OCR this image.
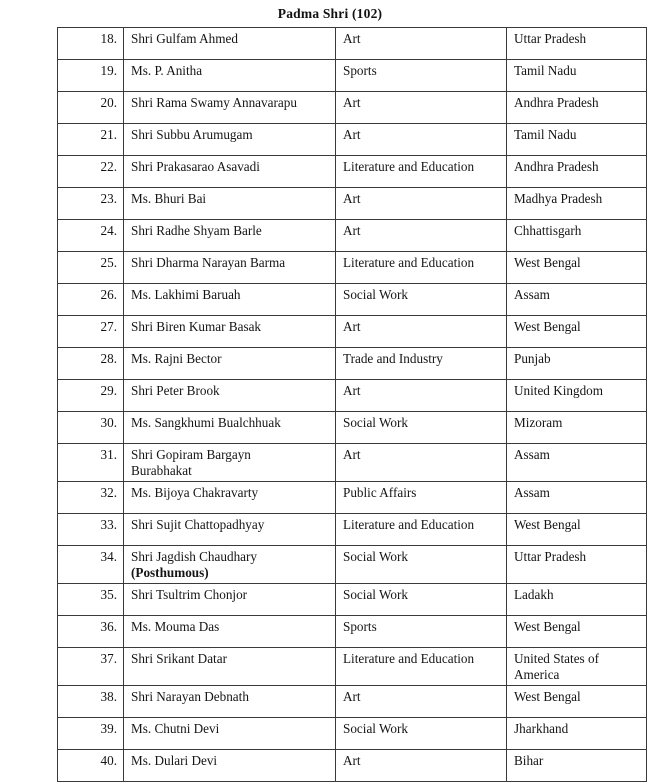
Padma Shri (102)
18.	Shri Gulfam Ahmed	Art	Uttar Pradesh
19.	Ms. P. Anitha	Sports	Tamil Nadu
20.	Shri Rama Swamy Annavarapu	Art	Andhra Pradesh
21.	Shri Subbu Arumugam	Art	Tamil Nadu
22.	Shri Prakasarao Asavadi	Literature and Education	Andhra Pradesh
23.	Ms. Bhuri Bai	Art	Madhya Pradesh
24.	Shri Radhe Shyam Barle	Art	Chhattisgarh
25.	Shri Dharma Narayan Barma	Literature and Education	West Bengal
26.	Ms. Lakhimi Baruah	Social Work	Assam
27.	Shri Biren Kumar Basak	Art	West Bengal
28.	Ms. Rajni Bector	Trade and Industry	Punjab
29.	Shri Peter Brook	Art	United Kingdom
30.	Ms. Sangkhumi Bualchhuak	Social Work	Mizoram
31.	Shri Gopiram Bargayn
Burabhakat	Art	Assam
32.	Ms. Bijoya Chakravarty	Public Affairs	Assam
33.	Shri Sujit Chattopadhyay	Literature and Education	West Bengal
34.	Shri Jagdish Chaudhary
(Posthumous)	Social Work	Uttar Pradesh
35.	Shri Tsultrim Chonjor	Social Work	Ladakh
36.	Ms. Mouma Das	Sports	West Bengal
37.	Shri Srikant Datar	Literature and Education	United States of
America

38.	Shri Narayan Debnath	Art	West Bengal
39.	Ms. Chutni Devi	Social Work	Jharkhand
40.	Ms. Dulari Devi	Art	Bihar
